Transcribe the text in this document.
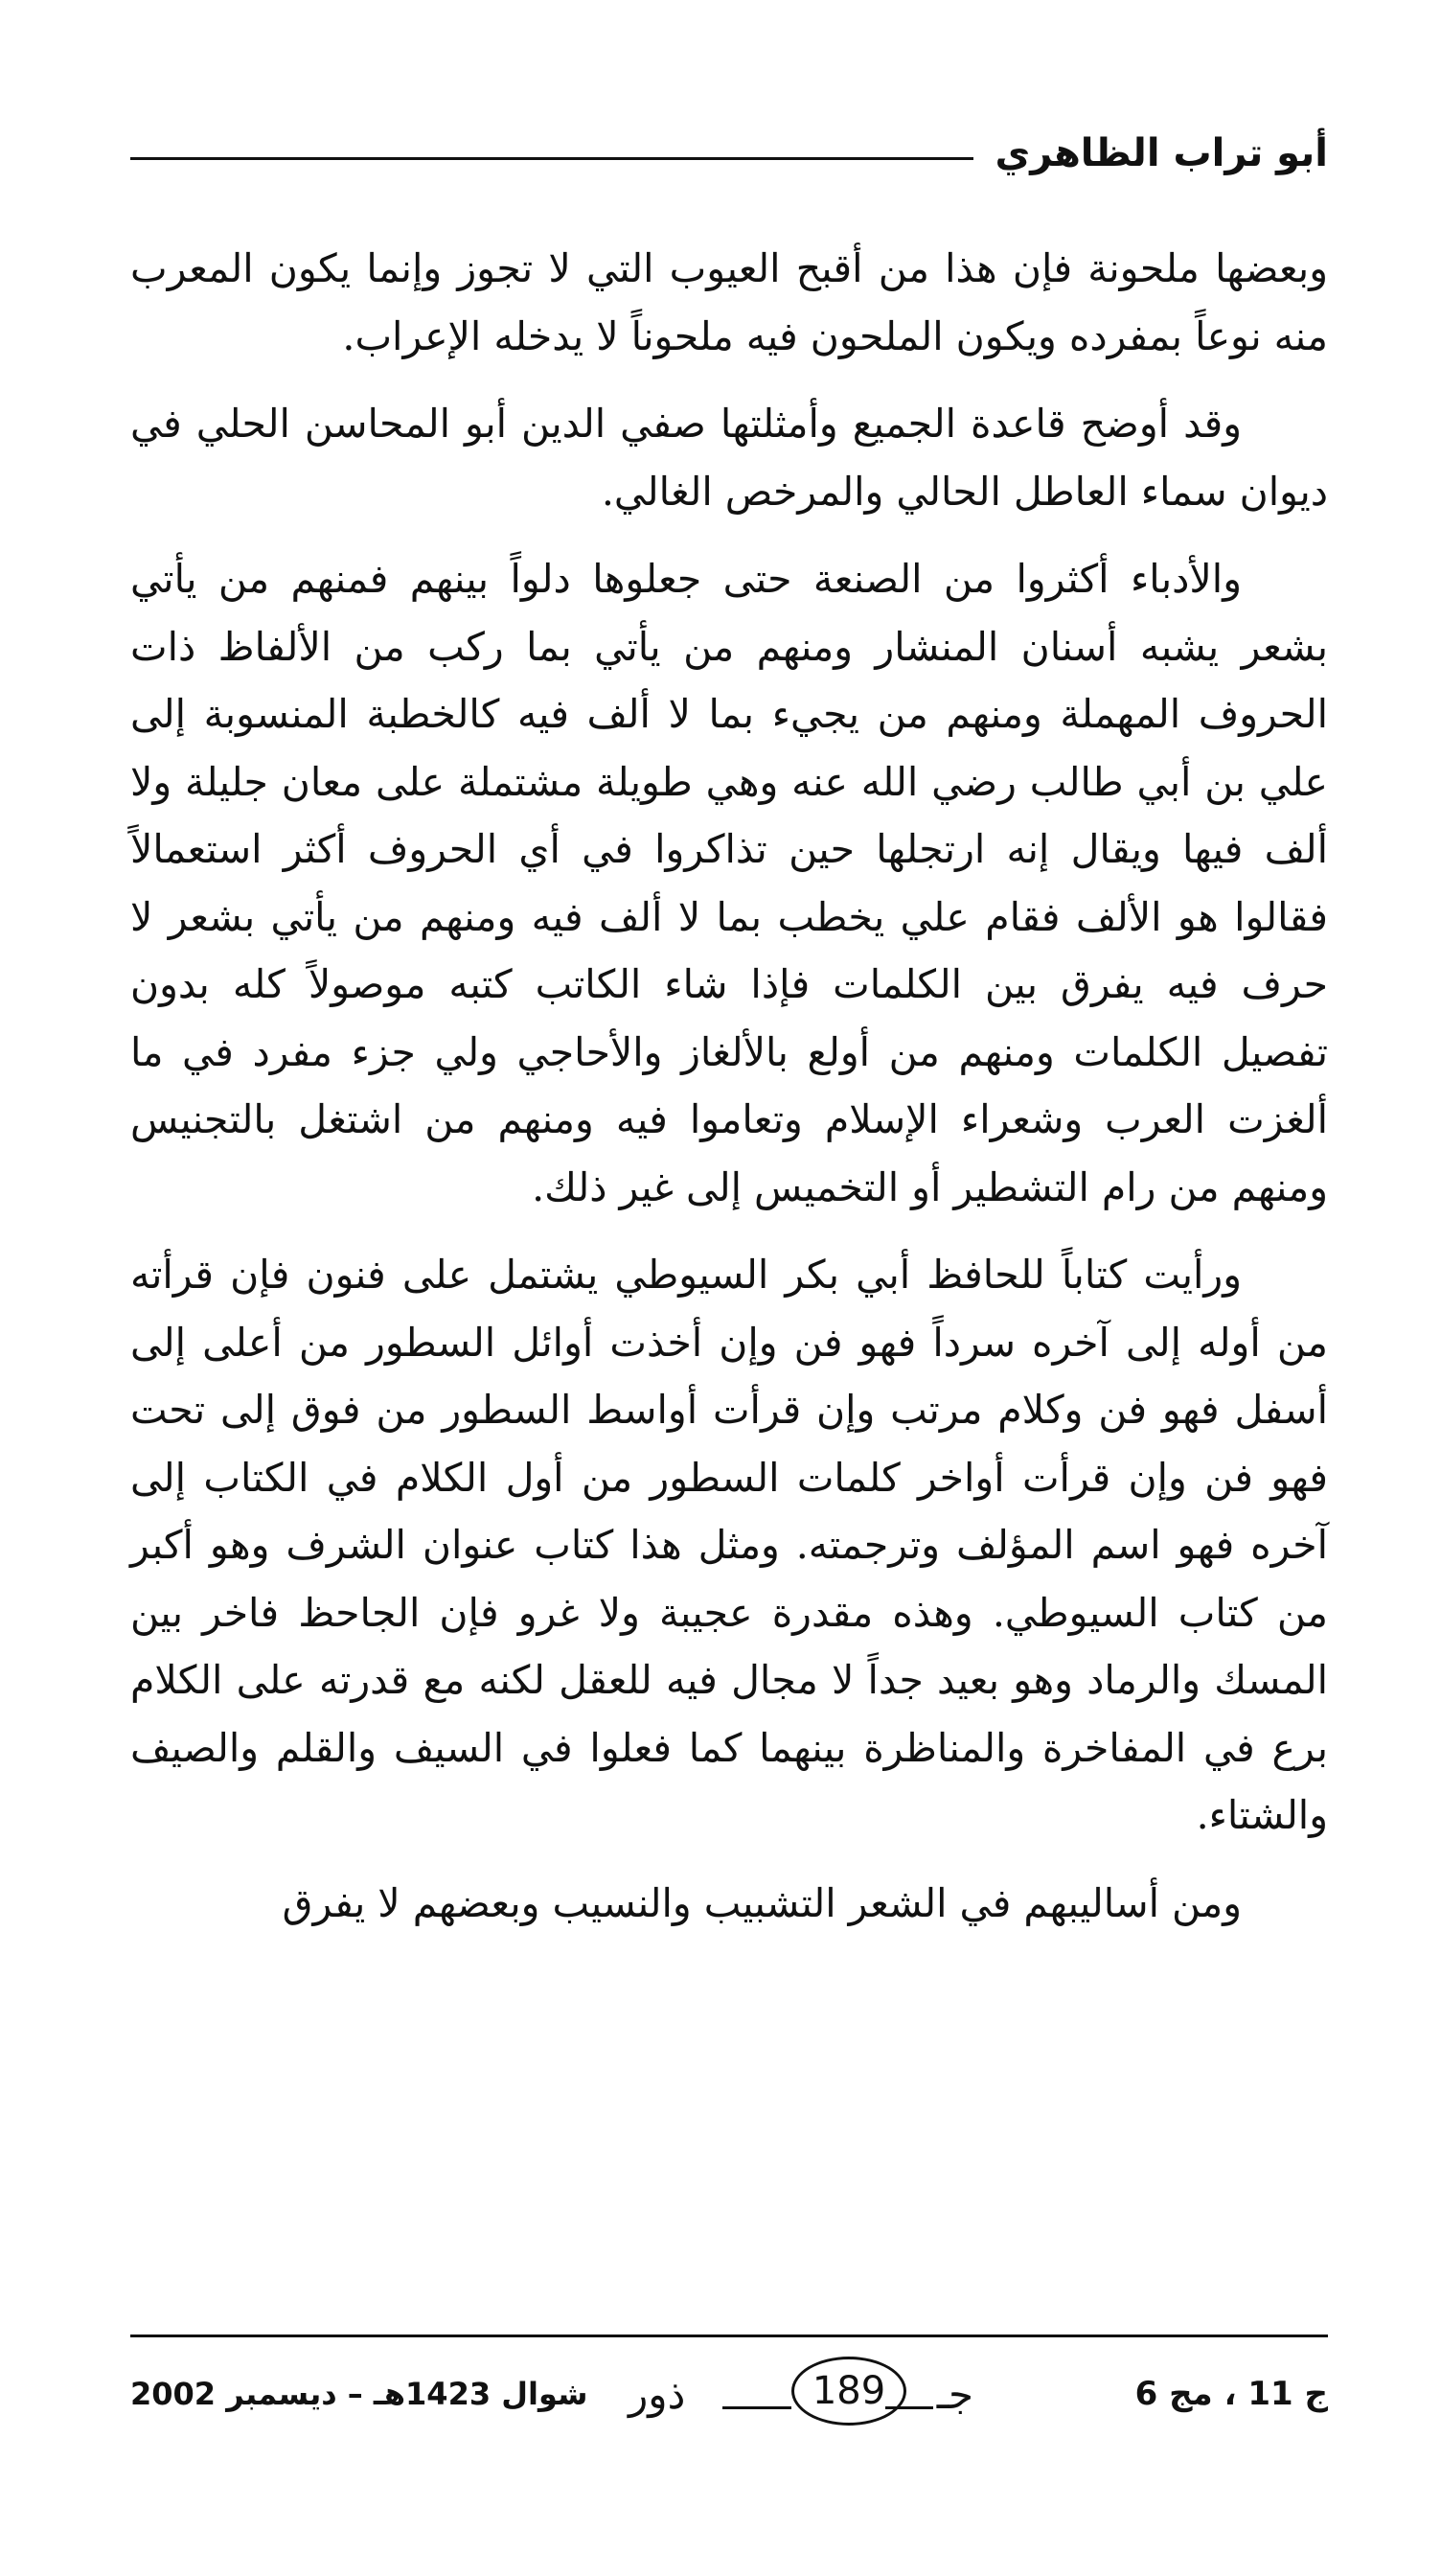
أبو تراب الظاهري

وبعضها ملحونة فإن هذا من أقبح العيوب التي لا تجوز وإنما يكون المعرب منه نوعاً بمفرده ويكون الملحون فيه ملحوناً لا يدخله الإعراب.

وقد أوضح قاعدة الجميع وأمثلتها صفي الدين أبو المحاسن الحلي في ديوان سماء العاطل الحالي والمرخص الغالي.

والأدباء أكثروا من الصنعة حتى جعلوها دلواً بينهم فمنهم من يأتي بشعر يشبه أسنان المنشار ومنهم من يأتي بما ركب من الألفاظ ذات الحروف المهملة ومنهم من يجيء بما لا ألف فيه كالخطبة المنسوبة إلى علي بن أبي طالب رضي الله عنه وهي طويلة مشتملة على معان جليلة ولا ألف فيها ويقال إنه ارتجلها حين تذاكروا في أي الحروف أكثر استعمالاً فقالوا هو الألف فقام علي يخطب بما لا ألف فيه ومنهم من يأتي بشعر لا حرف فيه يفرق بين الكلمات فإذا شاء الكاتب كتبه موصولاً كله بدون تفصيل الكلمات ومنهم من أولع بالألغاز والأحاجي ولي جزء مفرد في ما ألغزت العرب وشعراء الإسلام وتعاموا فيه ومنهم من اشتغل بالتجنيس ومنهم من رام التشطير أو التخميس إلى غير ذلك.

ورأيت كتاباً للحافظ أبي بكر السيوطي يشتمل على فنون فإن قرأته من أوله إلى آخره سرداً فهو فن وإن أخذت أوائل السطور من أعلى إلى أسفل فهو فن وكلام مرتب وإن قرأت أواسط السطور من فوق إلى تحت فهو فن وإن قرأت أواخر كلمات السطور من أول الكلام في الكتاب إلى آخره فهو اسم المؤلف وترجمته. ومثل هذا كتاب عنوان الشرف وهو أكبر من كتاب السيوطي. وهذه مقدرة عجيبة ولا غرو فإن الجاحظ فاخر بين المسك والرماد وهو بعيد جداً لا مجال فيه للعقل لكنه مع قدرته على الكلام برع في المفاخرة والمناظرة بينهما كما فعلوا في السيف والقلم والصيف والشتاء.

ومن أساليبهم في الشعر التشبيب والنسيب وبعضهم لا يفرق

ج 11 ، مج 6
جـ
189
ذور
شوال 1423هـ – ديسمبر 2002
